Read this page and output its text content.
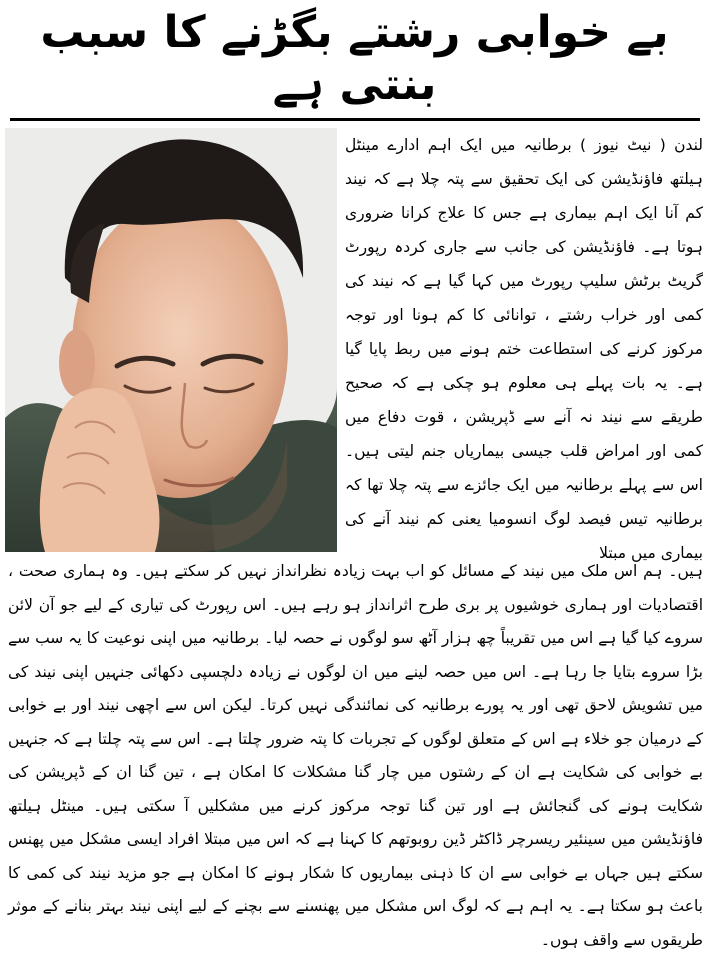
بے خوابی رشتے بگڑنے کا سبب بنتی ہے

لندن ( نیٹ نیوز ) برطانیہ میں ایک اہم ادارے مینٹل ہیلتھ فاؤنڈیشن کی ایک تحقیق سے پتہ چلا ہے کہ نیند کم آنا ایک اہم بیماری ہے جس کا علاج کرانا ضروری ہوتا ہے۔ فاؤنڈیشن کی جانب سے جاری کردہ رپورٹ گریٹ برٹش سلیپ رپورٹ میں کہا گیا ہے کہ نیند کی کمی اور خراب رشتے ، توانائی کا کم ہونا اور توجہ مرکوز کرنے کی استطاعت ختم ہونے میں ربط پایا گیا ہے۔ یہ بات پہلے ہی معلوم ہو چکی ہے کہ صحیح طریقے سے نیند نہ آنے سے ڈپریشن ، قوت دفاع میں کمی اور امراض قلب جیسی بیماریاں جنم لیتی ہیں۔ اس سے پہلے برطانیہ میں ایک جائزے سے پتہ چلا تھا کہ برطانیہ تیس فیصد لوگ انسومیا یعنی کم نیند آنے کی بیماری میں مبتلا

ہیں۔ ہم اس ملک میں نیند کے مسائل کو اب بہت زیادہ نظرانداز نہیں کر سکتے ہیں۔ وہ ہماری صحت ، اقتصادیات اور ہماری خوشیوں پر بری طرح اثرانداز ہو رہے ہیں۔ اس رپورٹ کی تیاری کے لیے جو آن لائن سروے کیا گیا ہے اس میں تقریباً چھ ہزار آٹھ سو لوگوں نے حصہ لیا۔ برطانیہ میں اپنی نوعیت کا یہ سب سے بڑا سروے بتایا جا رہا ہے۔ اس میں حصہ لینے میں ان لوگوں نے زیادہ دلچسپی دکھائی جنہیں اپنی نیند کی میں تشویش لاحق تھی اور یہ پورے برطانیہ کی نمائندگی نہیں کرتا۔ لیکن اس سے اچھی نیند اور بے خوابی کے درمیان جو خلاء ہے اس کے متعلق لوگوں کے تجربات کا پتہ ضرور چلتا ہے۔ اس سے پتہ چلتا ہے کہ جنہیں بے خوابی کی شکایت ہے ان کے رشتوں میں چار گنا مشکلات کا امکان ہے ، تین گنا ان کے ڈپریشن کی شکایت ہونے کی گنجائش ہے اور تین گنا توجہ مرکوز کرنے میں مشکلیں آ سکتی ہیں۔ مینٹل ہیلتھ فاؤنڈیشن میں سینئیر ریسرچر ڈاکٹر ڈین روبوتھم کا کہنا ہے کہ اس میں مبتلا افراد ایسی مشکل میں پھنس سکتے ہیں جہاں بے خوابی سے ان کا ذہنی بیماریوں کا شکار ہونے کا امکان ہے جو مزید نیند کی کمی کا باعث ہو سکتا ہے۔ یہ اہم ہے کہ لوگ اس مشکل میں پھنسنے سے بچنے کے لیے اپنی نیند بہتر بنانے کے موثر طریقوں سے واقف ہوں۔
